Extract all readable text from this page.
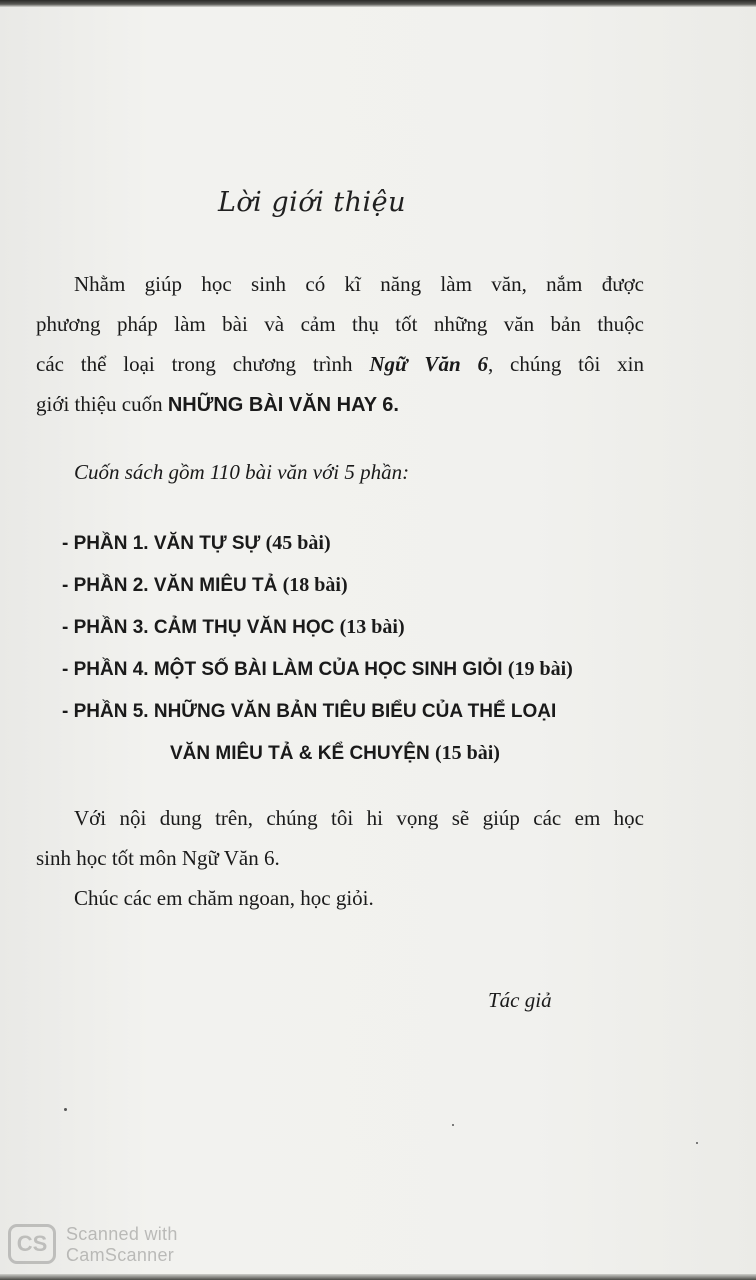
Lời giới thiệu
Nhằm giúp học sinh có kĩ năng làm văn, nắm được
phương pháp làm bài và cảm thụ tốt những văn bản thuộc
các thể loại trong chương trình Ngữ Văn 6, chúng tôi xin
giới thiệu cuốn NHỮNG BÀI VĂN HAY 6.
Cuốn sách gồm 110 bài văn với 5 phần:
- PHẦN 1. VĂN TỰ SỰ (45 bài)
- PHẦN 2. VĂN MIÊU TẢ (18 bài)
- PHẦN 3. CẢM THỤ VĂN HỌC (13 bài)
- PHẦN 4. MỘT SỐ BÀI LÀM CỦA HỌC SINH GIỎI (19 bài)
- PHẦN 5. NHỮNG VĂN BẢN TIÊU BIỂU CỦA THỂ LOẠI
VĂN MIÊU TẢ & KỂ CHUYỆN (15 bài)
Với nội dung trên, chúng tôi hi vọng sẽ giúp các em học
sinh học tốt môn Ngữ Văn 6.
Chúc các em chăm ngoan, học giỏi.
Tác giả
CS	Scanned with
CamScanner
